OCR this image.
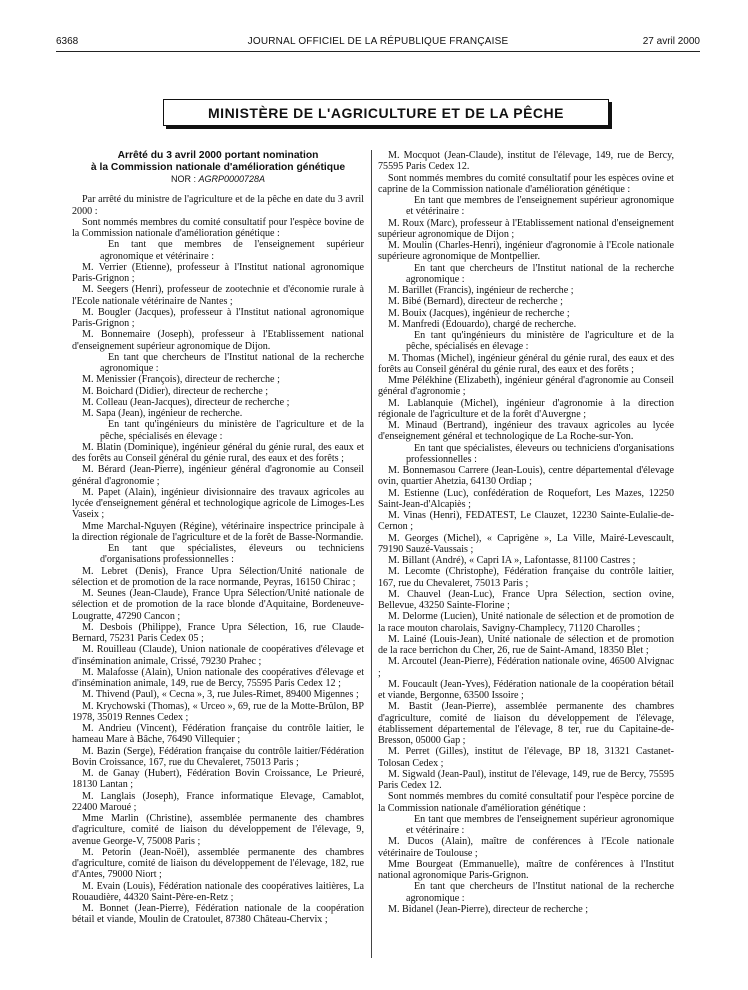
6368	JOURNAL OFFICIEL DE LA RÉPUBLIQUE FRANÇAISE	27 avril 2000
MINISTÈRE DE L'AGRICULTURE ET DE LA PÊCHE

Arrêté du 3 avril 2000 portant nomination

à la Commission nationale d'amélioration génétique

NOR : AGRP0000728A

Par arrêté du ministre de l'agriculture et de la pêche en date du 3 avril 2000 :

Sont nommés membres du comité consultatif pour l'espèce bovine de la Commission nationale d'amélioration génétique :

En tant que membres de l'enseignement supérieur agronomique et vétérinaire :

M. Verrier (Etienne), professeur à l'Institut national agronomique Paris-Grignon ;

M. Seegers (Henri), professeur de zootechnie et d'économie rurale à l'Ecole nationale vétérinaire de Nantes ;

M. Bougler (Jacques), professeur à l'Institut national agronomique Paris-Grignon ;

M. Bonnemaire (Joseph), professeur à l'Etablissement national d'enseignement supérieur agronomique de Dijon.

En tant que chercheurs de l'Institut national de la recherche agronomique :

M. Menissier (François), directeur de recherche ;

M. Boichard (Didier), directeur de recherche ;

M. Colleau (Jean-Jacques), directeur de recherche ;

M. Sapa (Jean), ingénieur de recherche.

En tant qu'ingénieurs du ministère de l'agriculture et de la pêche, spécialisés en élevage :

M. Blatin (Dominique), ingénieur général du génie rural, des eaux et des forêts au Conseil général du génie rural, des eaux et des forêts ;

M. Bérard (Jean-Pierre), ingénieur général d'agronomie au Conseil général d'agronomie ;

M. Papet (Alain), ingénieur divisionnaire des travaux agricoles au lycée d'enseignement général et technologique agricole de Limoges-Les Vaseix ;

Mme Marchal-Nguyen (Régine), vétérinaire inspectrice principale à la direction régionale de l'agriculture et de la forêt de Basse-Normandie.

En tant que spécialistes, éleveurs ou techniciens d'organisations professionnelles :

M. Lebret (Denis), France Upra Sélection/Unité nationale de sélection et de promotion de la race normande, Peyras, 16150 Chirac ;

M. Seunes (Jean-Claude), France Upra Sélection/Unité nationale de sélection et de promotion de la race blonde d'Aquitaine, Bordeneuve-Lougratte, 47290 Cancon ;

M. Desbois (Philippe), France Upra Sélection, 16, rue Claude-Bernard, 75231 Paris Cedex 05 ;

M. Rouilleau (Claude), Union nationale de coopératives d'élevage et d'insémination animale, Crissé, 79230 Prahec ;

M. Malafosse (Alain), Union nationale des coopératives d'élevage et d'insémination animale, 149, rue de Bercy, 75595 Paris Cedex 12 ;

M. Thivend (Paul), « Cecna », 3, rue Jules-Rimet, 89400 Migennes ;

M. Krychowski (Thomas), « Urceo », 69, rue de la Motte-Brûlon, BP 1978, 35019 Rennes Cedex ;

M. Andrieu (Vincent), Fédération française du contrôle laitier, le hameau Mare à Bâche, 76490 Villequier ;

M. Bazin (Serge), Fédération française du contrôle laitier/Fédération Bovin Croissance, 167, rue du Chevaleret, 75013 Paris ;

M. de Ganay (Hubert), Fédération Bovin Croissance, Le Prieuré, 18130 Lantan ;

M. Langlais (Joseph), France informatique Elevage, Camablot, 22400 Maroué ;

Mme Marlin (Christine), assemblée permanente des chambres d'agriculture, comité de liaison du développement de l'élevage, 9, avenue George-V, 75008 Paris ;

M. Petorin (Jean-Noël), assemblée permanente des chambres d'agriculture, comité de liaison du développement de l'élevage, 182, rue d'Antes, 79000 Niort ;

M. Evain (Louis), Fédération nationale des coopératives laitières, La Rouaudière, 44320 Saint-Père-en-Retz ;

M. Bonnet (Jean-Pierre), Fédération nationale de la coopération bétail et viande, Moulin de Cratoulet, 87380 Château-Chervix ;

M. Mocquot (Jean-Claude), institut de l'élevage, 149, rue de Bercy, 75595 Paris Cedex 12.

Sont nommés membres du comité consultatif pour les espèces ovine et caprine de la Commission nationale d'amélioration génétique :

En tant que membres de l'enseignement supérieur agronomique et vétérinaire :

M. Roux (Marc), professeur à l'Etablissement national d'enseignement supérieur agronomique de Dijon ;

M. Moulin (Charles-Henri), ingénieur d'agronomie à l'Ecole nationale supérieure agronomique de Montpellier.

En tant que chercheurs de l'Institut national de la recherche agronomique :

M. Barillet (Francis), ingénieur de recherche ;

M. Bibé (Bernard), directeur de recherche ;

M. Bouix (Jacques), ingénieur de recherche ;

M. Manfredi (Edouardo), chargé de recherche.

En tant qu'ingénieurs du ministère de l'agriculture et de la pêche, spécialisés en élevage :

M. Thomas (Michel), ingénieur général du génie rural, des eaux et des forêts au Conseil général du génie rural, des eaux et des forêts ;

Mme Pélékhine (Elizabeth), ingénieur général d'agronomie au Conseil général d'agronomie ;

M. Lablanquie (Michel), ingénieur d'agronomie à la direction régionale de l'agriculture et de la forêt d'Auvergne ;

M. Minaud (Bertrand), ingénieur des travaux agricoles au lycée d'enseignement général et technologique de La Roche-sur-Yon.

En tant que spécialistes, éleveurs ou techniciens d'organisations professionnelles :

M. Bonnemasou Carrere (Jean-Louis), centre départemental d'élevage ovin, quartier Ahetzia, 64130 Ordiap ;

M. Estienne (Luc), confédération de Roquefort, Les Mazes, 12250 Saint-Jean-d'Alcapiès ;

M. Vinas (Henri), FEDATEST, Le Clauzet, 12230 Sainte-Eulalie-de-Cernon ;

M. Georges (Michel), « Caprigène », La Ville, Mairé-Levescault, 79190 Sauzé-Vaussais ;

M. Billant (André), « Capri IA », Lafontasse, 81100 Castres ;

M. Lecomte (Christophe), Fédération française du contrôle laitier, 167, rue du Chevaleret, 75013 Paris ;

M. Chauvel (Jean-Luc), France Upra Sélection, section ovine, Bellevue, 43250 Sainte-Florine ;

M. Delorme (Lucien), Unité nationale de sélection et de promotion de la race mouton charolais, Savigny-Champlecy, 71120 Charolles ;

M. Lainé (Louis-Jean), Unité nationale de sélection et de promotion de la race berrichon du Cher, 26, rue de Saint-Amand, 18350 Blet ;

M. Arcoutel (Jean-Pierre), Fédération nationale ovine, 46500 Alvignac ;

M. Foucault (Jean-Yves), Fédération nationale de la coopération bétail et viande, Bergonne, 63500 Issoire ;

M. Bastit (Jean-Pierre), assemblée permanente des chambres d'agriculture, comité de liaison du développement de l'élevage, établissement départemental de l'élevage, 8 ter, rue du Capitaine-de-Bresson, 05000 Gap ;

M. Perret (Gilles), institut de l'élevage, BP 18, 31321 Castanet-Tolosan Cedex ;

M. Sigwald (Jean-Paul), institut de l'élevage, 149, rue de Bercy, 75595 Paris Cedex 12.

Sont nommés membres du comité consultatif pour l'espèce porcine de la Commission nationale d'amélioration génétique :

En tant que membres de l'enseignement supérieur agronomique et vétérinaire :

M. Ducos (Alain), maître de conférences à l'Ecole nationale vétérinaire de Toulouse ;

Mme Bourgeat (Emmanuelle), maître de conférences à l'Institut national agronomique Paris-Grignon.

En tant que chercheurs de l'Institut national de la recherche agronomique :

M. Bidanel (Jean-Pierre), directeur de recherche ;
